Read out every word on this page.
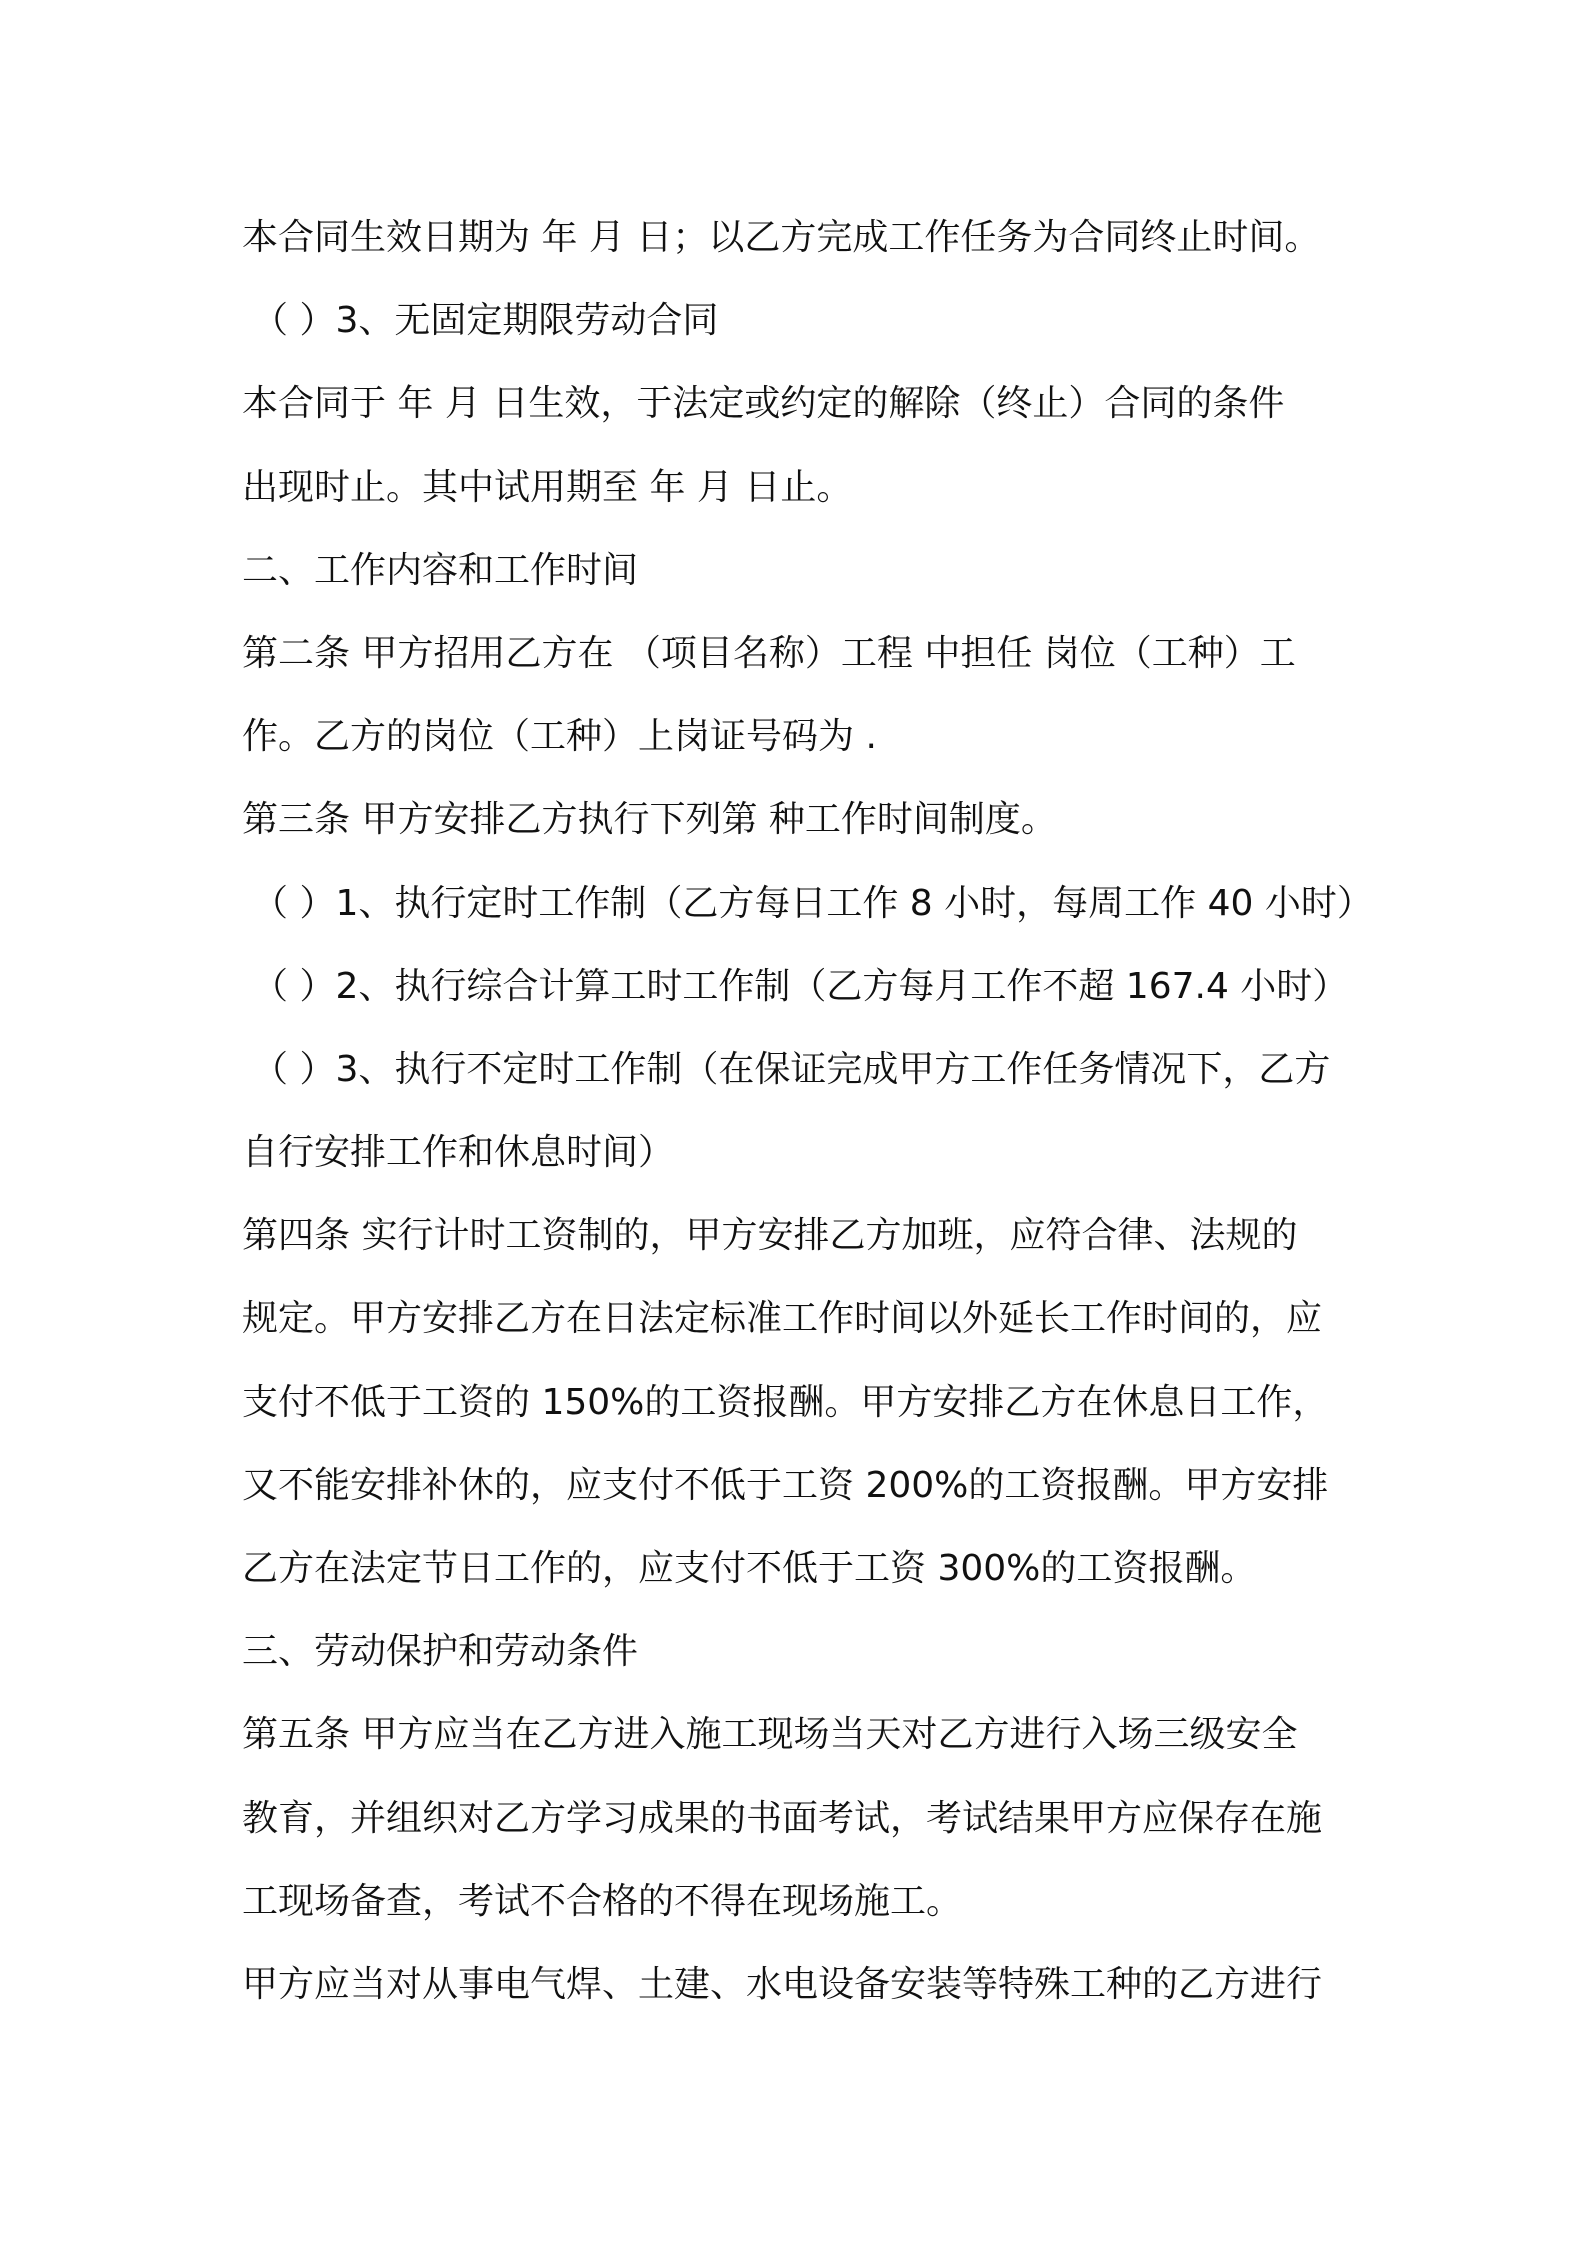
本合同生效日期为 年 月 日；以乙方完成工作任务为合同终止时间。
（ ）3、无固定期限劳动合同
本合同于 年 月 日生效，于法定或约定的解除（终止）合同的条件
出现时止。其中试用期至 年 月 日止。
二、工作内容和工作时间
第二条 甲方招用乙方在 （项目名称）工程 中担任 岗位（工种）工
作。乙方的岗位（工种）上岗证号码为 .
第三条 甲方安排乙方执行下列第 种工作时间制度。
（ ）1、执行定时工作制（乙方每日工作 8 小时，每周工作 40 小时）
（ ）2、执行综合计算工时工作制（乙方每月工作不超 167.4 小时）
（ ）3、执行不定时工作制（在保证完成甲方工作任务情况下，乙方
自行安排工作和休息时间）
第四条 实行计时工资制的，甲方安排乙方加班，应符合律、法规的
规定。甲方安排乙方在日法定标准工作时间以外延长工作时间的，应
支付不低于工资的 150%的工资报酬。甲方安排乙方在休息日工作，
又不能安排补休的，应支付不低于工资 200%的工资报酬。甲方安排
乙方在法定节日工作的，应支付不低于工资 300%的工资报酬。
三、劳动保护和劳动条件
第五条 甲方应当在乙方进入施工现场当天对乙方进行入场三级安全
教育，并组织对乙方学习成果的书面考试，考试结果甲方应保存在施
工现场备查，考试不合格的不得在现场施工。
甲方应当对从事电气焊、土建、水电设备安装等特殊工种的乙方进行
